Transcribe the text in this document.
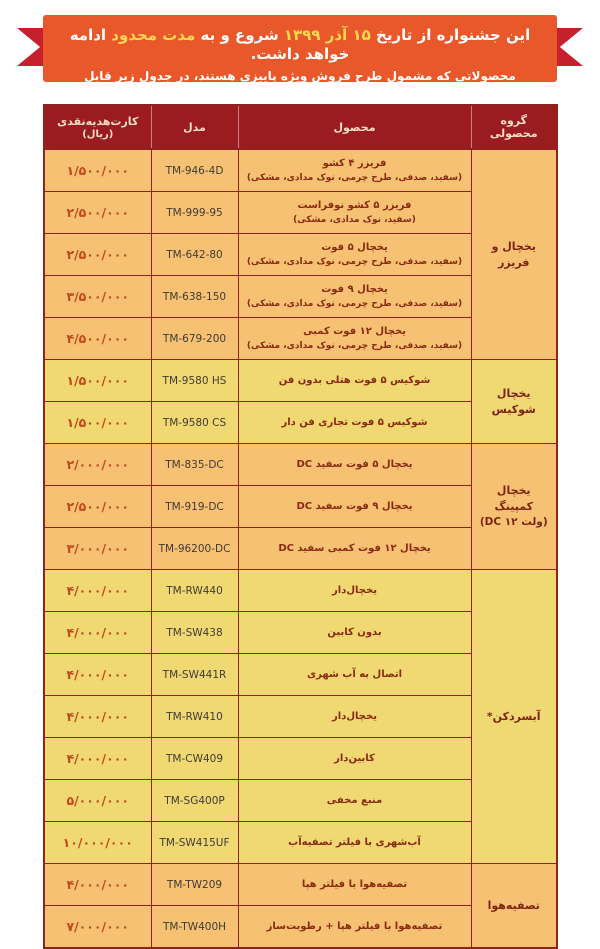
این جشنواره از تاریخ ۱۵ آذر ۱۳۹۹ شروع و به مدت محدود ادامه خواهد داشت.
محصولاتی که مشمول طرح فروش ویژه پاییزی هستند، در جدول زیر قابل مشاهده‌اند.
گروه محصولی	محصول	مدل	کارت‌هدیه‌نقدی
(ریال)

یخچال و فریزر	فریزر ۴ کشو
(سفید، صدفی، طرح چرمی، نوک مدادی، مشکی)	TM-946-4D	۱/۵۰۰/۰۰۰

	فریزر ۵ کشو نوفراست
(سفید، نوک مدادی، مشکی)	TM-999-95	۲/۵۰۰/۰۰۰

	یخچال ۵ فوت
(سفید، صدفی، طرح چرمی، نوک مدادی، مشکی)	TM-642-80	۲/۵۰۰/۰۰۰

	یخچال ۹ فوت
(سفید، صدفی، طرح چرمی، نوک مدادی، مشکی)	TM-638-150	۳/۵۰۰/۰۰۰

	یخچال ۱۲ فوت کمبی
(سفید، صدفی، طرح چرمی، نوک مدادی، مشکی)	TM-679-200	۴/۵۰۰/۰۰۰

یخچال شوکیس	شوکیس ۵ فوت هتلی بدون فن	TM-9580 HS	۱/۵۰۰/۰۰۰

	شوکیس ۵ فوت تجاری فن دار	TM-9580 CS	۱/۵۰۰/۰۰۰

یخچال کمپینگ
(DC ۱۲ ولت)	یخچال ۵ فوت سفید DC	TM-835-DC	۲/۰۰۰/۰۰۰

	یخچال ۹ فوت سفید DC	TM-919-DC	۲/۵۰۰/۰۰۰

	یخچال ۱۲ فوت کمبی سفید DC	TM-96200-DC	۳/۰۰۰/۰۰۰

آبسردکن*	یخچال‌دار	TM-RW440	۴/۰۰۰/۰۰۰

	بدون کابین	TM-SW438	۴/۰۰۰/۰۰۰

	اتصال به آب شهری	TM-SW441R	۴/۰۰۰/۰۰۰

	یخچال‌دار	TM-RW410	۴/۰۰۰/۰۰۰

	کابین‌دار	TM-CW409	۴/۰۰۰/۰۰۰

	منبع مخفی	TM-SG400P	۵/۰۰۰/۰۰۰

	آب‌شهری با فیلتر تصفیه‌آب	TM-SW415UF	۱۰/۰۰۰/۰۰۰

تصفیه‌هوا	تصفیه‌هوا با فیلتر هپا	TM-TW209	۴/۰۰۰/۰۰۰

	تصفیه‌هوا با فیلتر هپا + رطوبت‌ساز	TM-TW400H	۷/۰۰۰/۰۰۰
